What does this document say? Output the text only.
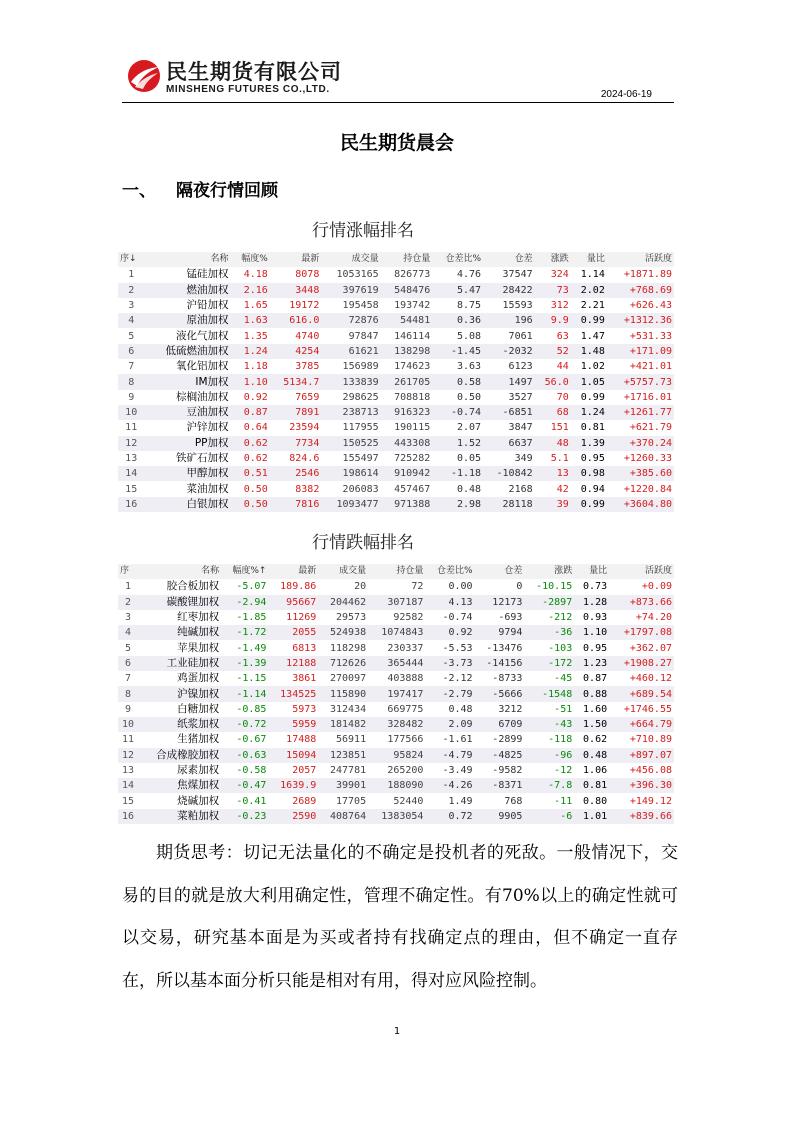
民生期货有限公司
MINSHENG FUTURES CO.,LTD.	2024-06-19
民生期货晨会
一、 隔夜行情回顾
行情涨幅排名
序↓	名称	幅度%	最新	成交量	持仓量	仓差比%	仓差	涨跌	量比	活跃度
1	锰硅加权	4.18	8078	1053165	826773	4.76	37547	324	1.14	+1871.89
2	燃油加权	2.16	3448	397619	548476	5.47	28422	73	2.02	+768.69
3	沪铅加权	1.65	19172	195458	193742	8.75	15593	312	2.21	+626.43
4	原油加权	1.63	616.0	72876	54481	0.36	196	9.9	0.99	+1312.36
5	液化气加权	1.35	4740	97847	146114	5.08	7061	63	1.47	+531.33
6	低硫燃油加权	1.24	4254	61621	138298	-1.45	-2032	52	1.48	+171.09
7	氧化铝加权	1.18	3785	156989	174623	3.63	6123	44	1.02	+421.01
8	IM加权	1.10	5134.7	133839	261705	0.58	1497	56.0	1.05	+5757.73
9	棕榈油加权	0.92	7659	298625	708818	0.50	3527	70	0.99	+1716.01
10	豆油加权	0.87	7891	238713	916323	-0.74	-6851	68	1.24	+1261.77
11	沪锌加权	0.64	23594	117955	190115	2.07	3847	151	0.81	+621.79
12	PP加权	0.62	7734	150525	443308	1.52	6637	48	1.39	+370.24
13	铁矿石加权	0.62	824.6	155497	725282	0.05	349	5.1	0.95	+1260.33
14	甲醇加权	0.51	2546	198614	910942	-1.18	-10842	13	0.98	+385.60
15	菜油加权	0.50	8382	206083	457467	0.48	2168	42	0.94	+1220.84
16	白银加权	0.50	7816	1093477	971388	2.98	28118	39	0.99	+3604.80
行情跌幅排名
序	名称	幅度%↑	最新	成交量	持仓量	仓差比%	仓差	涨跌	量比	活跃度
1	胶合板加权	-5.07	189.86	20	72	0.00	0	-10.15	0.73	+0.09
2	碳酸锂加权	-2.94	95667	204462	307187	4.13	12173	-2897	1.28	+873.66
3	红枣加权	-1.85	11269	29573	92582	-0.74	-693	-212	0.93	+74.20
4	纯碱加权	-1.72	2055	524938	1074843	0.92	9794	-36	1.10	+1797.08
5	苹果加权	-1.49	6813	118298	230337	-5.53	-13476	-103	0.95	+362.07
6	工业硅加权	-1.39	12188	712626	365444	-3.73	-14156	-172	1.23	+1908.27
7	鸡蛋加权	-1.15	3861	270097	403888	-2.12	-8733	-45	0.87	+460.12
8	沪镍加权	-1.14	134525	115890	197417	-2.79	-5666	-1548	0.88	+689.54
9	白糖加权	-0.85	5973	312434	669775	0.48	3212	-51	1.60	+1746.55
10	纸浆加权	-0.72	5959	181482	328482	2.09	6709	-43	1.50	+664.79
11	生猪加权	-0.67	17488	56911	177566	-1.61	-2899	-118	0.62	+710.89
12	合成橡胶加权	-0.63	15094	123851	95824	-4.79	-4825	-96	0.48	+897.07
13	尿素加权	-0.58	2057	247781	265200	-3.49	-9582	-12	1.06	+456.08
14	焦煤加权	-0.47	1639.9	39901	188090	-4.26	-8371	-7.8	0.81	+396.30
15	烧碱加权	-0.41	2689	17705	52440	1.49	768	-11	0.80	+149.12
16	菜粕加权	-0.23	2590	408764	1383054	0.72	9905	-6	1.01	+839.66
期货思考：切记无法量化的不确定是投机者的死敌。一般情况下，交易的目的就是放大利用确定性，管理不确定性。有70%以上的确定性就可以交易，研究基本面是为买或者持有找确定点的理由，但不确定一直存在，所以基本面分析只能是相对有用，得对应风险控制。
1
